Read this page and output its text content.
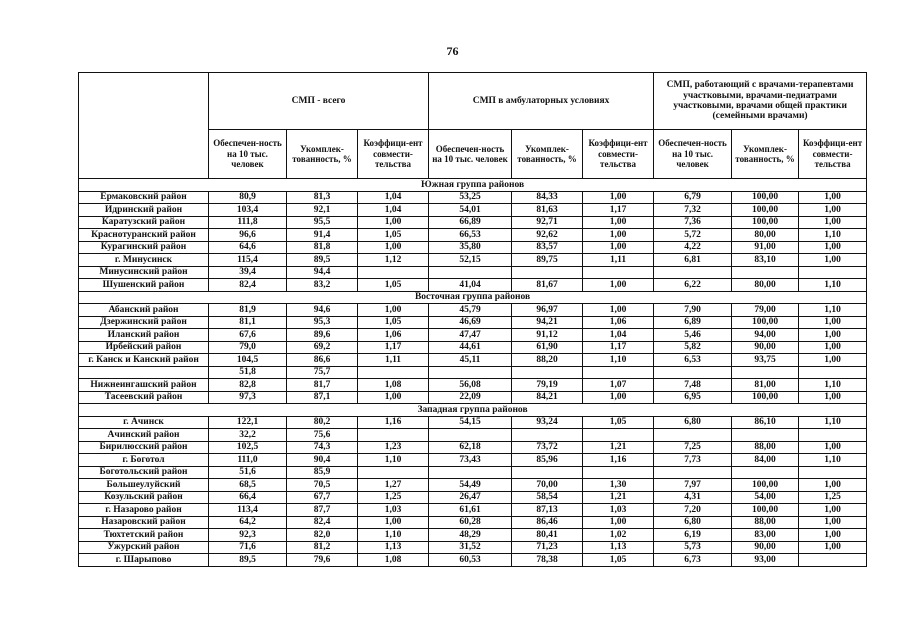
76
	СМП - всего			СМП в амбулаторных условиях			СМП, работающий с врачами-терапевтами участковыми, врачами-педиатрами участковыми, врачами общей практики (семейными врачами)		
	Обеспечен-ность на 10 тыс. человек	Укомплек-тованность, %	Коэффици-ент совмести-тельства	Обеспечен-ность на 10 тыс. человек	Укомплек-тованность, %	Коэффици-ент совмести-тельства	Обеспечен-ность на 10 тыс. человек	Укомплек-тованность, %	Коэффици-ент совмести-тельства
Южная группа районов									
Ермаковский район	80,9	81,3	1,04	53,25	84,33	1,00	6,79	100,00	1,00
Идринский район	103,4	92,1	1,04	54,01	81,63	1,17	7,32	100,00	1,00
Каратузский район	111,8	95,5	1,00	66,89	92,71	1,00	7,36	100,00	1,00
Краснотуранский район	96,6	91,4	1,05	66,53	92,62	1,00	5,72	80,00	1,10
Курагинский район	64,6	81,8	1,00	35,80	83,57	1,00	4,22	91,00	1,00
г. Минусинск	115,4	89,5	1,12	52,15	89,75	1,11	6,81	83,10	1,00
Минусинский район	39,4	94,4							
Шушенский район	82,4	83,2	1,05	41,04	81,67	1,00	6,22	80,00	1,10
Восточная группа районов									
Абанский район	81,9	94,6	1,00	45,79	96,97	1,00	7,90	79,00	1,10
Дзержинский район	81,1	95,3	1,05	46,69	94,21	1,06	6,89	100,00	1,00
Иланский район	67,6	89,6	1,06	47,47	91,12	1,04	5,46	94,00	1,00
Ирбейский район	79,0	69,2	1,17	44,61	61,90	1,17	5,82	90,00	1,00
г. Канск и Канский район	104,5	86,6	1,11	45,11	88,20	1,10	6,53	93,75	1,00
	51,8	75,7							
Нижнеингашский район	82,8	81,7	1,08	56,08	79,19	1,07	7,48	81,00	1,10
Тасеевский район	97,3	87,1	1,00	22,09	84,21	1,00	6,95	100,00	1,00
Западная группа районов									
г. Ачинск	122,1	80,2	1,16	54,15	93,24	1,05	6,80	86,10	1,10
Ачинский район	32,2	75,6							
Бирилюсский район	102,5	74,3	1,23	62,18	73,72	1,21	7,25	88,00	1,00
г. Боготол	111,0	90,4	1,10	73,43	85,96	1,16	7,73	84,00	1,10
Боготольский район	51,6	85,9							
Большеулуйский	68,5	70,5	1,27	54,49	70,00	1,30	7,97	100,00	1,00
Козульский район	66,4	67,7	1,25	26,47	58,54	1,21	4,31	54,00	1,25
г. Назарово район	113,4	87,7	1,03	61,61	87,13	1,03	7,20	100,00	1,00
Назаровский район	64,2	82,4	1,00	60,28	86,46	1,00	6,80	88,00	1,00
Тюхтетский район	92,3	82,0	1,10	48,29	80,41	1,02	6,19	83,00	1,00
Ужурский район	71,6	81,2	1,13	31,52	71,23	1,13	5,73	90,00	1,00
г. Шарыпово	89,5	79,6	1,08	60,53	78,38	1,05	6,73	93,00	
